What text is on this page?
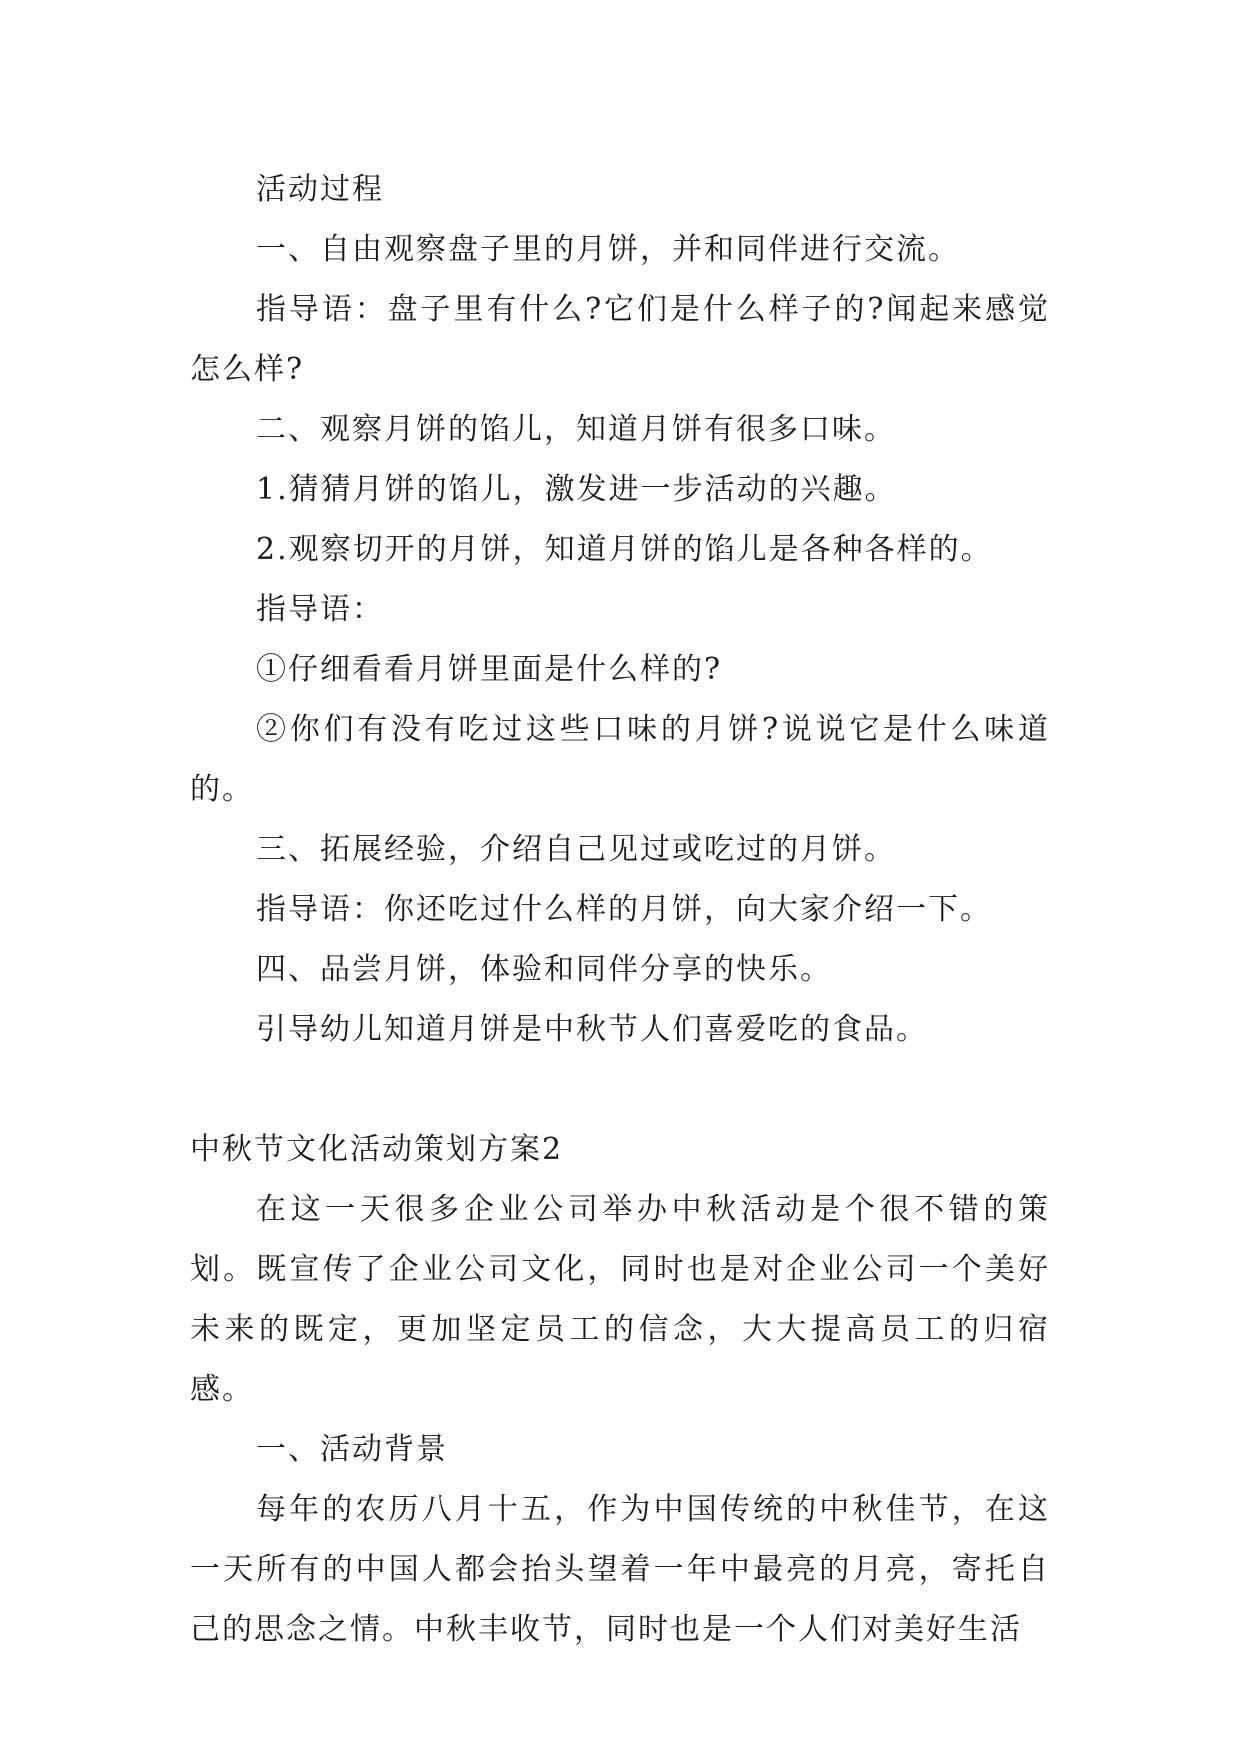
活动过程

一、自由观察盘子里的月饼，并和同伴进行交流。

指导语：盘子里有什么?它们是什么样子的?闻起来感觉怎么样?

二、观察月饼的馅儿，知道月饼有很多口味。

1.猜猜月饼的馅儿，激发进一步活动的兴趣。

2.观察切开的月饼，知道月饼的馅儿是各种各样的。

指导语：

①仔细看看月饼里面是什么样的?

②你们有没有吃过这些口味的月饼?说说它是什么味道的。

三、拓展经验，介绍自己见过或吃过的月饼。

指导语：你还吃过什么样的月饼，向大家介绍一下。

四、品尝月饼，体验和同伴分享的快乐。

引导幼儿知道月饼是中秋节人们喜爱吃的食品。

中秋节文化活动策划方案2

在这一天很多企业公司举办中秋活动是个很不错的策划。既宣传了企业公司文化，同时也是对企业公司一个美好未来的既定，更加坚定员工的信念，大大提高员工的归宿感。

一、活动背景

每年的农历八月十五，作为中国传统的中秋佳节，在这一天所有的中国人都会抬头望着一年中最亮的月亮，寄托自己的思念之情。中秋丰收节，同时也是一个人们对美好生活
